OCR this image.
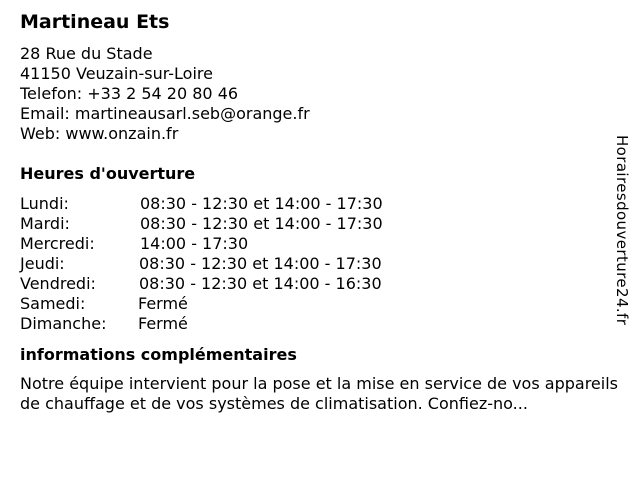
Martineau Ets
28 Rue du Stade
41150 Veuzain-sur-Loire
Telefon: +33 2 54 20 80 46
Email: martineausarl.seb@orange.fr
Web: www.onzain.fr
Heures d'ouverture
Lundi:	08:30 - 12:30 et 14:00 - 17:30
Mardi:	08:30 - 12:30 et 14:00 - 17:30
Mercredi:	14:00 - 17:30
Jeudi:	08:30 - 12:30 et 14:00 - 17:30
Vendredi:	08:30 - 12:30 et 14:00 - 16:30
Samedi:	Fermé
Dimanche:	Fermé
informations complémentaires
Notre équipe intervient pour la pose et la mise en service de vos appareils de chauffage et de vos systèmes de climatisation. Confiez-no...
Horairesdouverture24.fr
